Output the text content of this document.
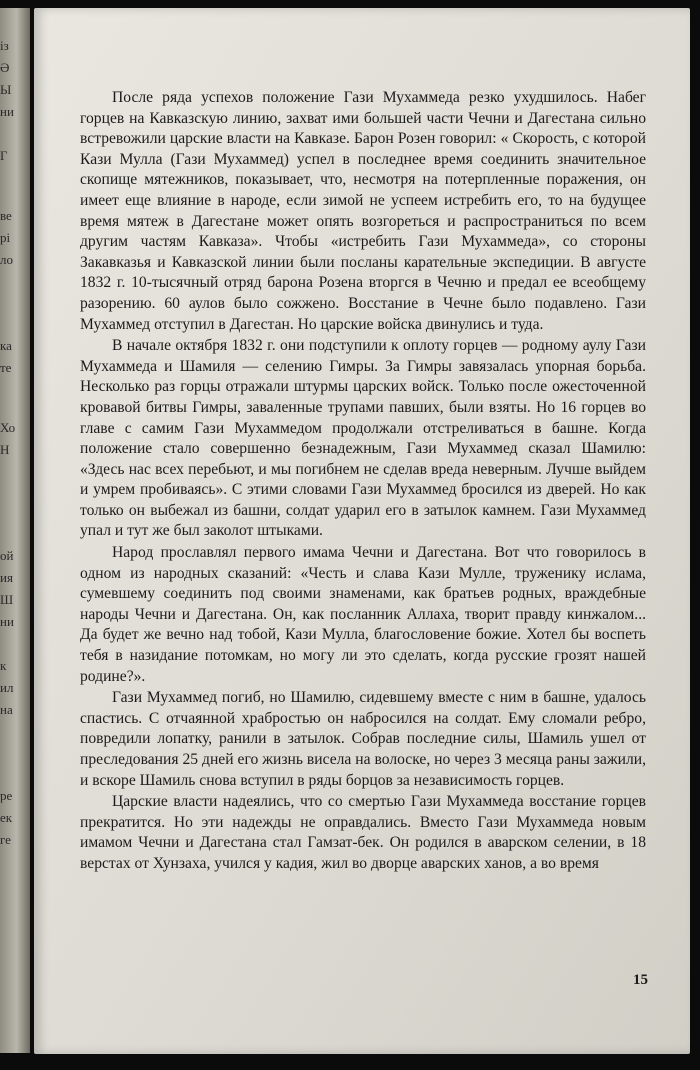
із
Ә
Ы
ни
Г
ве
рі
ло
ка
те
Хо
Н
ой
ия
Ш
ни
к
ил
на
ре
ек
ге

После ряда успехов положение Гази Мухаммеда резко ухудшилось. Набег горцев на Кавказскую линию, захват ими большей части Чечни и Дагестана сильно встревожили царские власти на Кавказе. Барон Розен говорил: « Скорость, с которой Кази Мулла (Гази Мухаммед) успел в последнее время соединить значительное скопище мятежников, показывает, что, несмотря на потерпленные поражения, он имеет еще влияние в народе, если зимой не успеем истребить его, то на будущее время мятеж в Дагестане может опять возгореться и распространиться по всем другим частям Кавказа». Чтобы «истребить Гази Мухаммеда», со стороны Закавказья и Кавказской линии были посланы карательные экспедиции. В августе 1832 г. 10-тысячный отряд барона Розена вторгся в Чечню и предал ее всеобщему разорению. 60 аулов было сожжено. Восстание в Чечне было подавлено. Гази Мухаммед отступил в Дагестан. Но царские войска двинулись и туда.

В начале октября 1832 г. они подступили к оплоту горцев — родному аулу Гази Мухаммеда и Шамиля — селению Гимры. За Гимры завязалась упорная борьба. Несколько раз горцы отражали штурмы царских войск. Только после ожесточенной кровавой битвы Гимры, заваленные трупами павших, были взяты. Но 16 горцев во главе с самим Гази Мухаммедом продолжали отстреливаться в башне. Когда положение стало совершенно безнадежным, Гази Мухаммед сказал Шамилю: «Здесь нас всех перебьют, и мы погибнем не сделав вреда неверным. Лучше выйдем и умрем пробиваясь». С этими словами Гази Мухаммед бросился из дверей. Но как только он выбежал из башни, солдат ударил его в затылок камнем. Гази Мухаммед упал и тут же был заколот штыками.

Народ прославлял первого имама Чечни и Дагестана. Вот что говорилось в одном из народных сказаний: «Честь и слава Кази Мулле, труженику ислама, сумевшему соединить под своими знаменами, как братьев родных, враждебные народы Чечни и Дагестана. Он, как посланник Аллаха, творит правду кинжалом... Да будет же вечно над тобой, Кази Мулла, благословение божие. Хотел бы воспеть тебя в назидание потомкам, но могу ли это сделать, когда русские грозят нашей родине?».

Гази Мухаммед погиб, но Шамилю, сидевшему вместе с ним в башне, удалось спастись. С отчаянной храбростью он набросился на солдат. Ему сломали ребро, повредили лопатку, ранили в затылок. Собрав последние силы, Шамиль ушел от преследования 25 дней его жизнь висела на волоске, но через 3 месяца раны зажили, и вскоре Шамиль снова вступил в ряды борцов за независимость горцев.

Царские власти надеялись, что со смертью Гази Мухаммеда восстание горцев прекратится. Но эти надежды не оправдались. Вместо Гази Мухаммеда новым имамом Чечни и Дагестана стал Гамзат-бек. Он родился в аварском селении, в 18 верстах от Хунзаха, учился у кадия, жил во дворце аварских ханов, а во время

15
